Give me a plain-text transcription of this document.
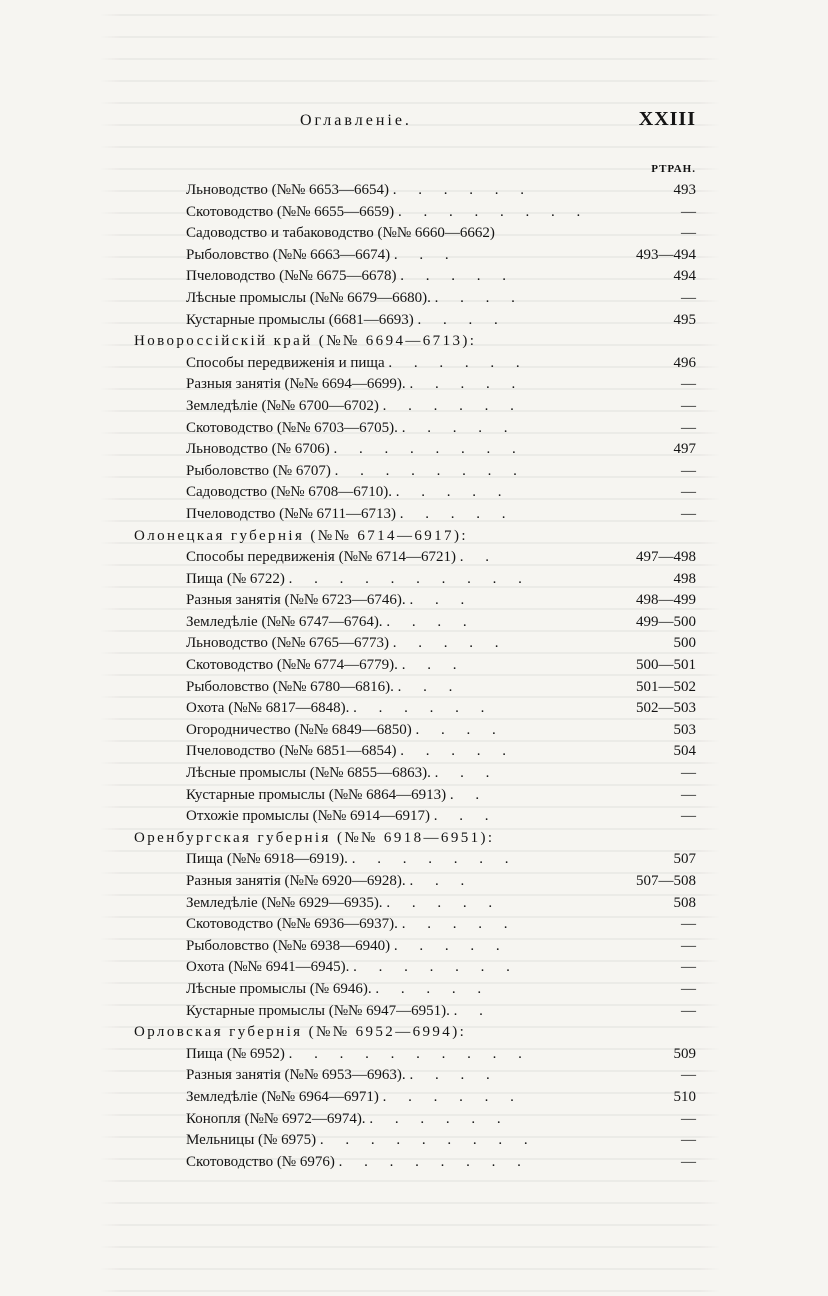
Оглавленіе.	XXIII
РТРАН.
Льноводство (№№ 6653—6654) . . . . . .	493
Скотоводство (№№ 6655—6659) . . . . . . . .	—
Садоводство и табаководство (№№ 6660—6662)	—
Рыболовство (№№ 6663—6674) . . .	493—494
Пчеловодство (№№ 6675—6678) . . . . .	494
Лѣсные промыслы (№№ 6679—6680). . . . .	—
Кустарные промыслы (6681—6693) . . . .	495
Новороссійскій край (№№ 6694—6713):
Способы передвиженія и пища . . . . . .	496
Разныя занятія (№№ 6694—6699). . . . . .	—
Земледѣліе (№№ 6700—6702) . . . . . .	—
Скотоводство (№№ 6703—6705). . . . . .	—
Льноводство (№ 6706) . . . . . . . .	497
Рыболовство (№ 6707) . . . . . . . .	—
Садоводство (№№ 6708—6710). . . . . .	—
Пчеловодство (№№ 6711—6713) . . . . .	—
Олонецкая губернія (№№ 6714—6917):
Способы передвиженія (№№ 6714—6721) . .	497—498
Пища (№ 6722) . . . . . . . . . .	498
Разныя занятія (№№ 6723—6746). . . .	498—499
Земледѣліе (№№ 6747—6764). . . . .	499—500
Льноводство (№№ 6765—6773) . . . . .	500
Скотоводство (№№ 6774—6779). . . .	500—501
Рыболовство (№№ 6780—6816). . . .	501—502
Охота (№№ 6817—6848). . . . . . .	502—503
Огородничество (№№ 6849—6850) . . . .	503
Пчеловодство (№№ 6851—6854) . . . . .	504
Лѣсные промыслы (№№ 6855—6863). . . .	—
Кустарные промыслы (№№ 6864—6913) . .	—
Отхожіе промыслы (№№ 6914—6917) . . .	—
Оренбургская губернія (№№ 6918—6951):
Пища (№№ 6918—6919). . . . . . . .	507
Разныя занятія (№№ 6920—6928). . . .	507—508
Земледѣліе (№№ 6929—6935). . . . . .	508
Скотоводство (№№ 6936—6937). . . . . .	—
Рыболовство (№№ 6938—6940) . . . . .	—
Охота (№№ 6941—6945). . . . . . . .	—
Лѣсные промыслы (№ 6946). . . . . .	—
Кустарные промыслы (№№ 6947—6951). . .	—
Орловская губернія (№№ 6952—6994):
Пища (№ 6952) . . . . . . . . . .	509
Разныя занятія (№№ 6953—6963). . . . .	—
Земледѣліе (№№ 6964—6971) . . . . . .	510
Конопля (№№ 6972—6974). . . . . . .	—
Мельницы (№ 6975) . . . . . . . . .	—
Скотоводство (№ 6976) . . . . . . . .	—
